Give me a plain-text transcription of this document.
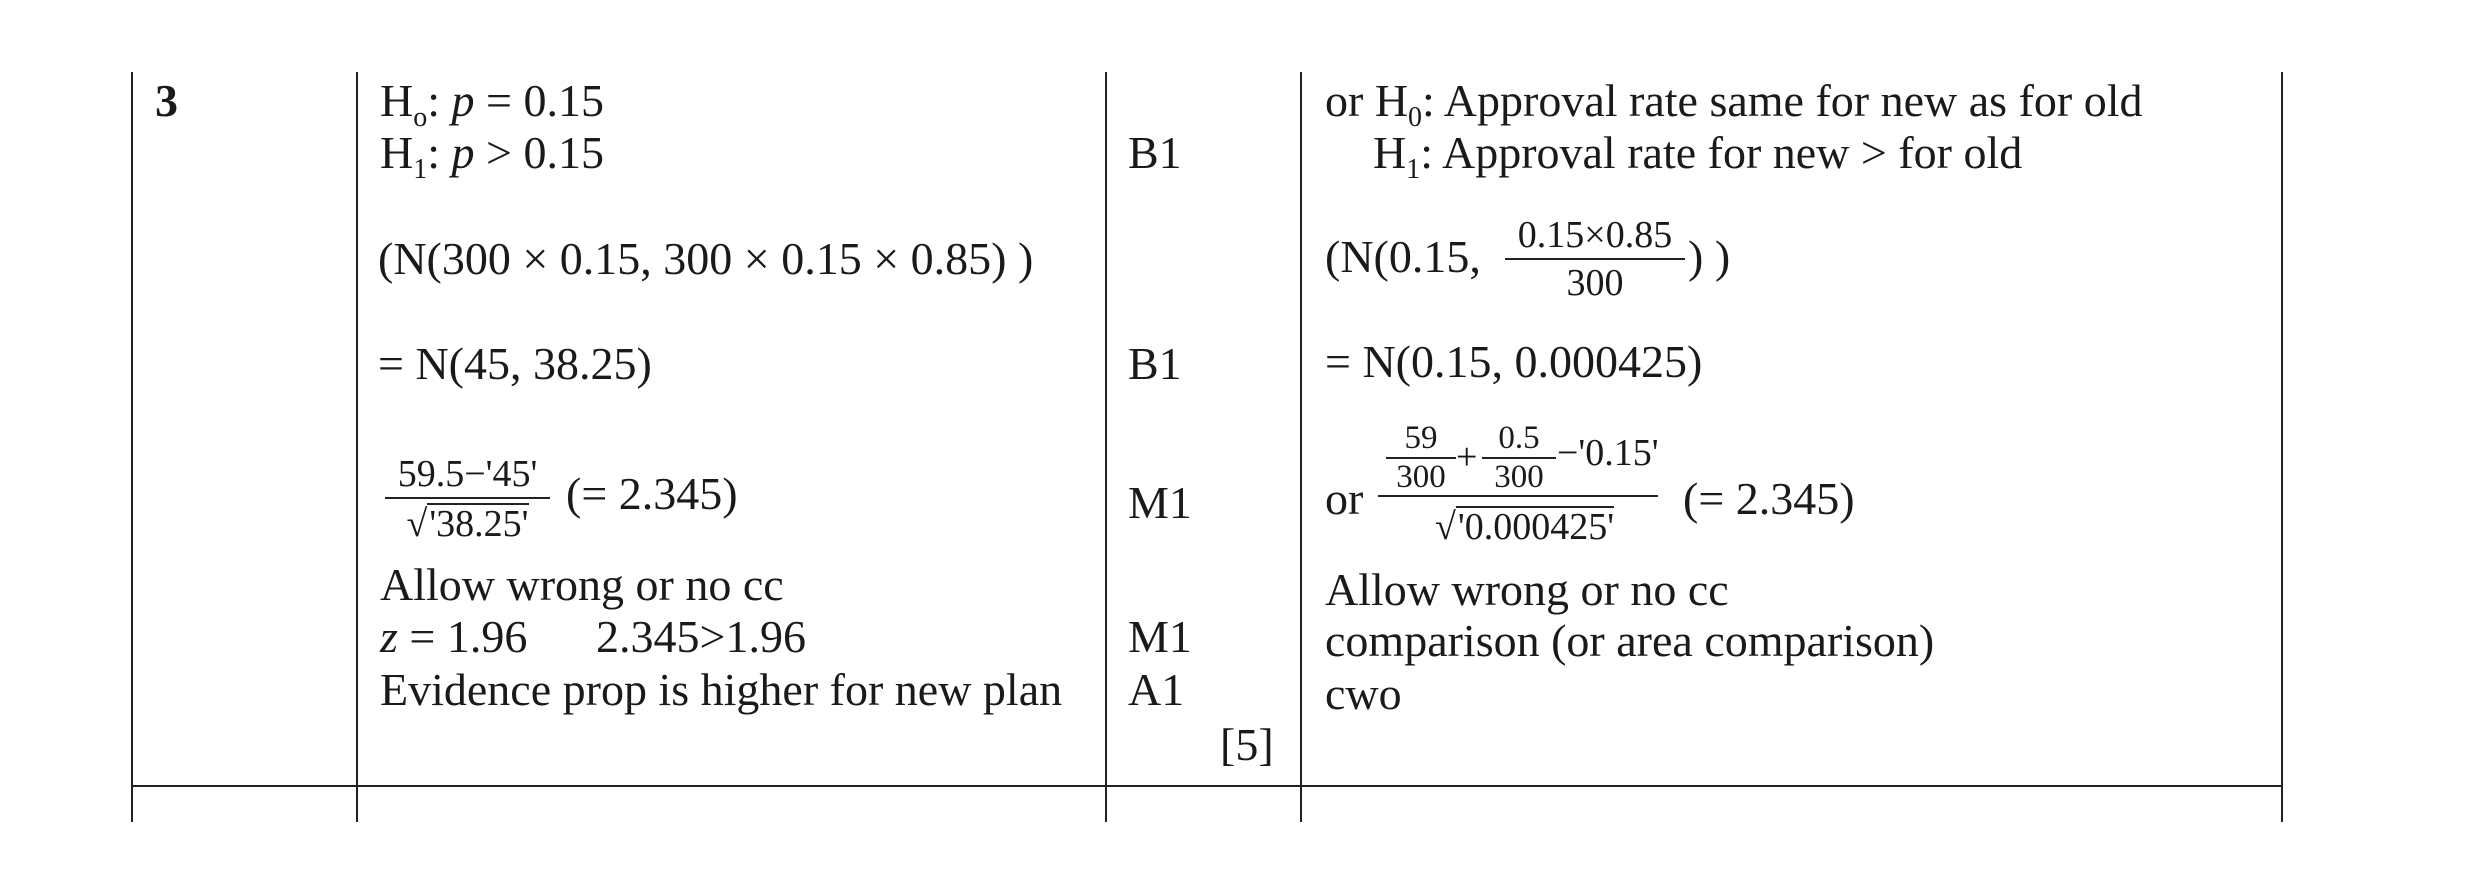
3	$H_o$: p = 0.15
$H_1$: p > 0.15
(N(300 × 0.15, 300 × 0.15 × 0.85) )
= N(45, 38.25)
59.5−'45'
√'38.25'
(= 2.345)
Allow wrong or no cc
z = 1.96 2.345>1.96
Evidence prop is higher for new plan
B1
B1
M1
M1
A1
[5]
or $H_0$: Approval rate same for new as for old
$H_1$: Approval rate for new > for old
(N(0.15, 0.15×0.85
300
) )
= N(0.15, 0.000425)
or
59
300 + 0.5
300
−'0.15'
√'0.000425'
(= 2.345)
Allow wrong or no cc
comparison (or area comparison)
cwo
